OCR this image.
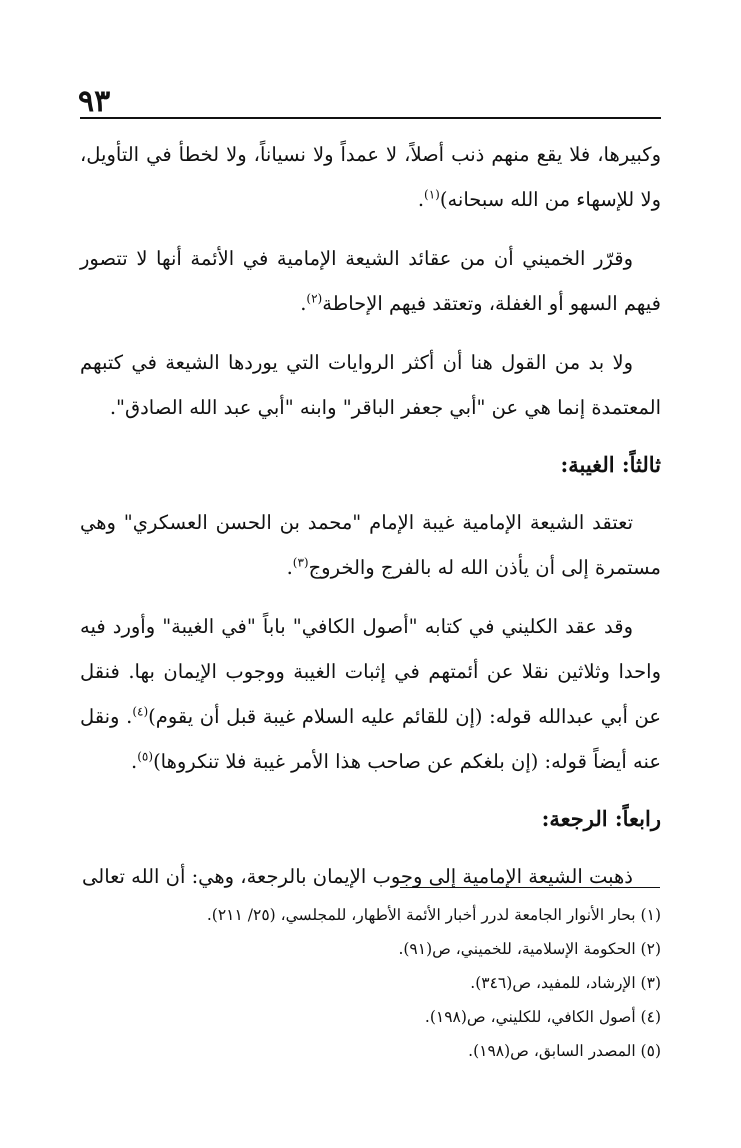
٩٣

وكبيرها، فلا يقع منهم ذنب أصلاً، لا عمداً ولا نسياناً، ولا لخطأ في التأويل، ولا للإسهاء من الله سبحانه)$^{(١)}$.

وقرّر الخميني أن من عقائد الشيعة الإمامية في الأئمة أنها لا تتصور فيهم السهو أو الغفلة، وتعتقد فيهم الإحاطة$^{(٢)}$.

ولا بد من القول هنا أن أكثر الروايات التي يوردها الشيعة في كتبهم المعتمدة إنما هي عن "أبي جعفر الباقر" وابنه "أبي عبد الله الصادق".

ثالثاً: الغيبة:

تعتقد الشيعة الإمامية غيبة الإمام "محمد بن الحسن العسكري" وهي مستمرة إلى أن يأذن الله له بالفرج والخروج$^{(٣)}$.

وقد عقد الكليني في كتابه "أصول الكافي" باباً "في الغيبة" وأورد فيه واحدا وثلاثين نقلا عن أئمتهم في إثبات الغيبة ووجوب الإيمان بها. فنقل عن أبي عبدالله قوله: (إن للقائم عليه السلام غيبة قبل أن يقوم)$^{(٤)}$. ونقل عنه أيضاً قوله: (إن بلغكم عن صاحب هذا الأمر غيبة فلا تنكروها)$^{(٥)}$.

رابعاً: الرجعة:

ذهبت الشيعة الإمامية إلى وجوب الإيمان بالرجعة، وهي: أن الله تعالى

(١) بحار الأنوار الجامعة لدرر أخبار الأئمة الأطهار، للمجلسي، (٢٥/ ٢١١).
(٢) الحكومة الإسلامية، للخميني، ص(٩١).
(٣) الإرشاد، للمفيد، ص(٣٤٦).
(٤) أصول الكافي، للكليني، ص(١٩٨).
(٥) المصدر السابق، ص(١٩٨).
